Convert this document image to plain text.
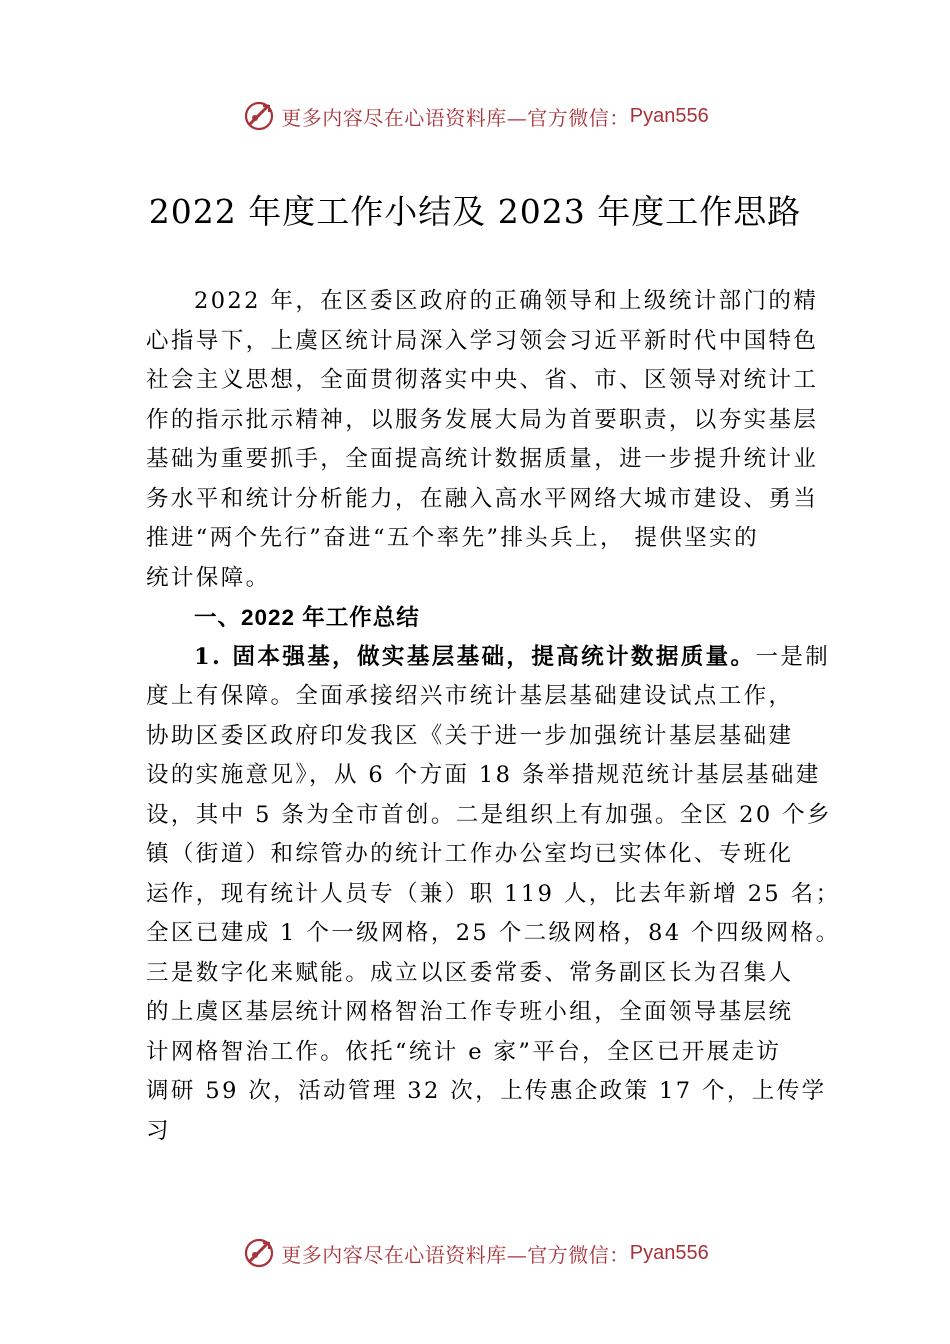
更多内容尽在心语资料库—官方微信： Pyan556
2022 年度工作小结及 2023 年度工作思路
2022 年，在区委区政府的正确领导和上级统计部门的精
心指导下，上虞区统计局深入学习领会习近平新时代中国特色
社会主义思想，全面贯彻落实中央、省、市、区领导对统计工
作的指示批示精神，以服务发展大局为首要职责，以夯实基层
基础为重要抓手，全面提高统计数据质量，进一步提升统计业
务水平和统计分析能力，在融入高水平网络大城市建设、勇当
推进“两个先行”奋进“五个率先”排头兵上， 提供坚实的
统计保障。
一、2022 年工作总结
1. 固本强基，做实基层基础，提高统计数据质量。一是制
度上有保障。全面承接绍兴市统计基层基础建设试点工作，
协助区委区政府印发我区《关于进一步加强统计基层基础建
设的实施意见》，从 6 个方面 18 条举措规范统计基层基础建
设，其中 5 条为全市首创。二是组织上有加强。全区 20 个乡
镇（街道）和综管办的统计工作办公室均已实体化、专班化
运作，现有统计人员专（兼）职 119 人，比去年新增 25 名；
全区已建成 1 个一级网格，25 个二级网格，84 个四级网格。
三是数字化来赋能。成立以区委常委、常务副区长为召集人
的上虞区基层统计网格智治工作专班小组，全面领导基层统
计网格智治工作。依托“统计 e 家”平台，全区已开展走访
调研 59 次，活动管理 32 次，上传惠企政策 17 个，上传学
习
更多内容尽在心语资料库—官方微信： Pyan556
